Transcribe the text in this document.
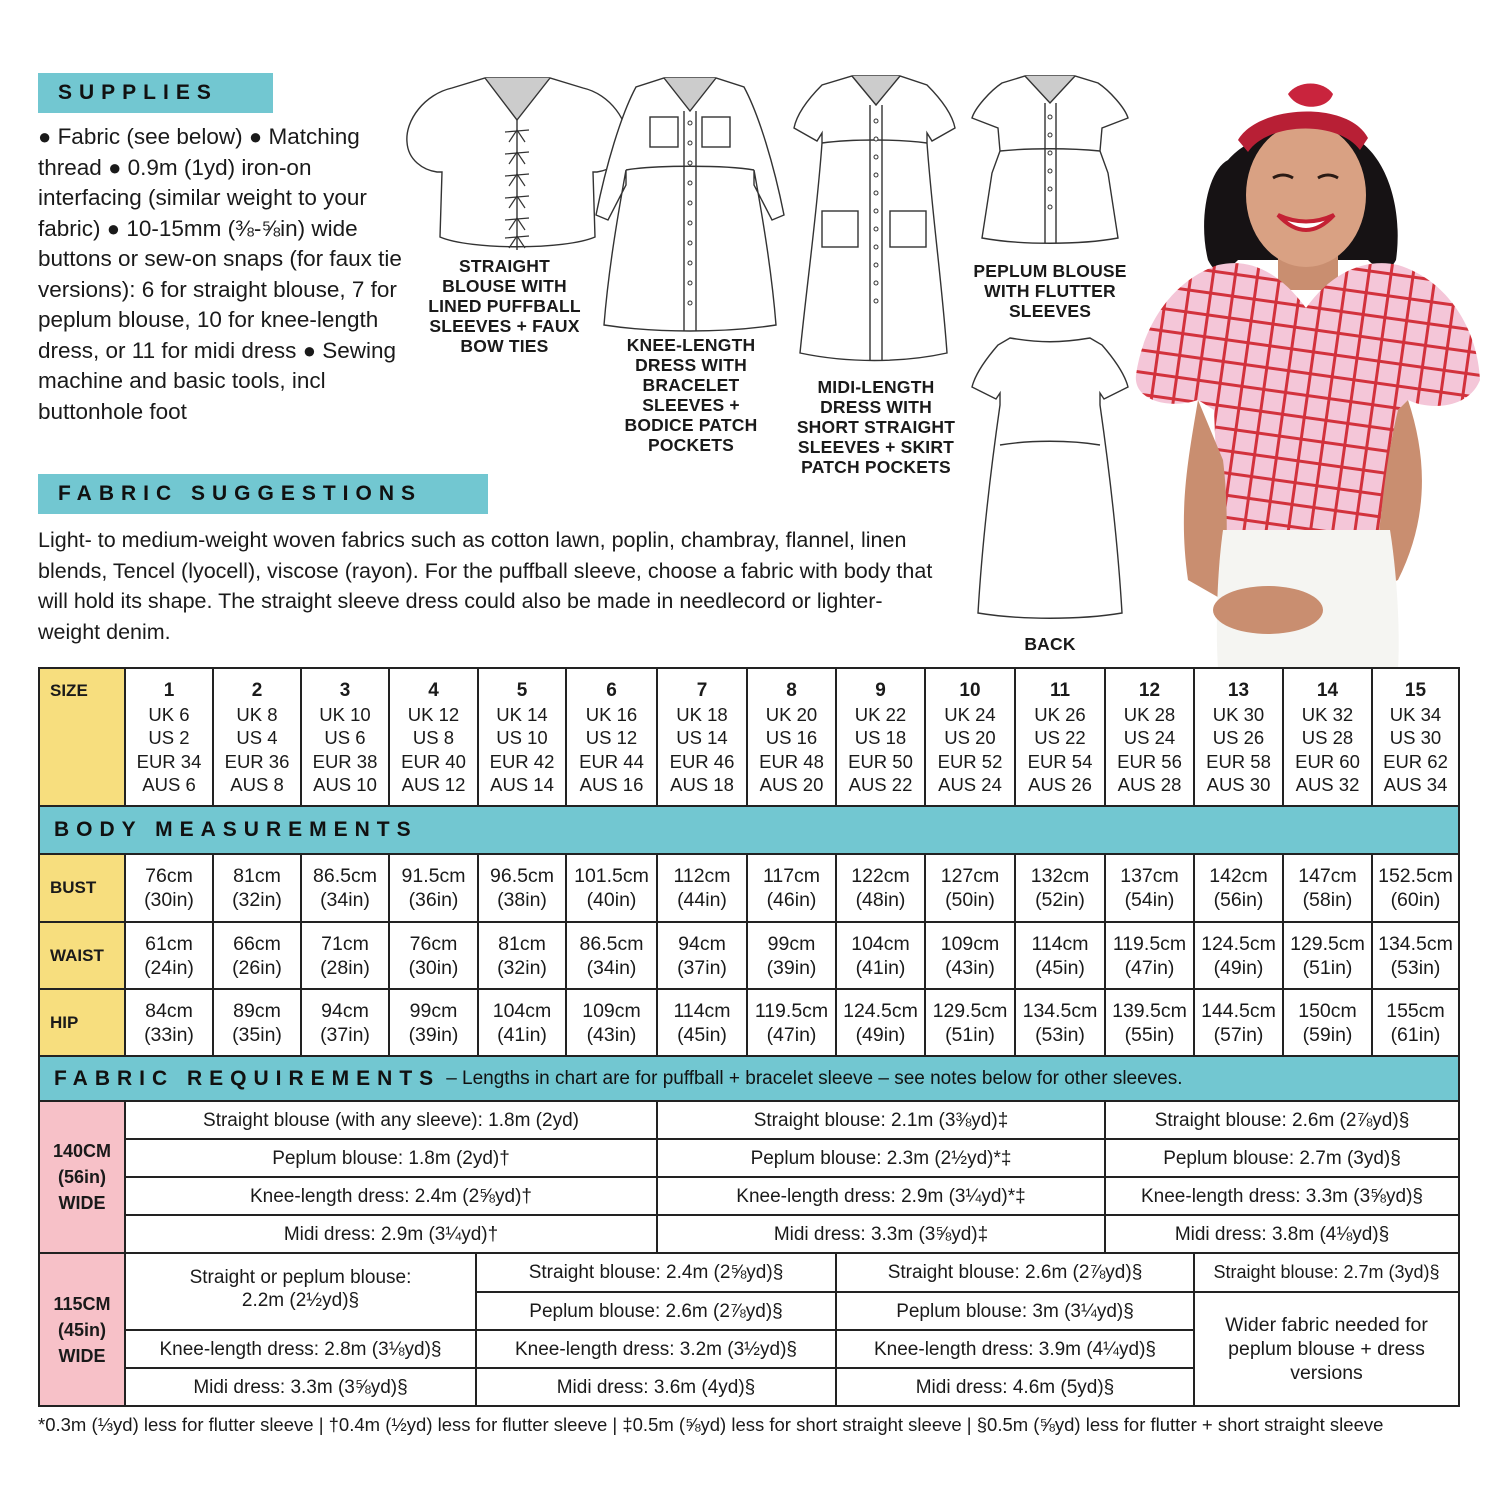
SUPPLIES
● Fabric (see below) ● Matching thread ● 0.9m (1yd) iron-on interfacing (similar weight to your fabric) ● 10-15mm (⅜-⅝in) wide buttons or sew-on snaps (for faux tie versions): 6 for straight blouse, 7 for peplum blouse, 10 for knee-length dress, or 11 for midi dress ● Sewing machine and basic tools, incl buttonhole foot
FABRIC SUGGESTIONS
Light- to medium-weight woven fabrics such as cotton lawn, poplin, chambray, flannel, linen blends, Tencel (lyocell), viscose (rayon). For the puffball sleeve, choose a fabric with body that will hold its shape. The straight sleeve dress could also be made in needlecord or lighter-weight denim.
STRAIGHT
BLOUSE WITH
LINED PUFFBALL
SLEEVES + FAUX
BOW TIES	KNEE-LENGTH
DRESS WITH
BRACELET
SLEEVES +
BODICE PATCH
POCKETS
MIDI-LENGTH
DRESS WITH
SHORT STRAIGHT
SLEEVES + SKIRT
PATCH POCKETS
PEPLUM BLOUSE
WITH FLUTTER
SLEEVES
BACK
SIZE	1
UK 6
US 2
EUR 34
AUS 6
2
UK 8
US 4
EUR 36
AUS 8
3
UK 10
US 6
EUR 38
AUS 10
4
UK 12
US 8
EUR 40
AUS 12
5
UK 14
US 10
EUR 42
AUS 14
6
UK 16
US 12
EUR 44
AUS 16
7
UK 18
US 14
EUR 46
AUS 18
8
UK 20
US 16
EUR 48
AUS 20
9
UK 22
US 18
EUR 50
AUS 22
10
UK 24
US 20
EUR 52
AUS 24
11
UK 26
US 22
EUR 54
AUS 26
12
UK 28
US 24
EUR 56
AUS 28
13
UK 30
US 26
EUR 58
AUS 30
14
UK 32
US 28
EUR 60
AUS 32
15
UK 34
US 30
EUR 62
AUS 34
BODY MEASUREMENTS
BUST
76cm
(30in)
81cm
(32in)
86.5cm
(34in)
91.5cm
(36in)
96.5cm
(38in)
101.5cm
(40in)
112cm
(44in)
117cm
(46in)
122cm
(48in)
127cm
(50in)
132cm
(52in)
137cm
(54in)
142cm
(56in)
147cm
(58in)
152.5cm
(60in)
WAIST
61cm
(24in)
66cm
(26in)
71cm
(28in)
76cm
(30in)
81cm
(32in)
86.5cm
(34in)
94cm
(37in)
99cm
(39in)
104cm
(41in)
109cm
(43in)
114cm
(45in)
119.5cm
(47in)
124.5cm
(49in)
129.5cm
(51in)
134.5cm
(53in)
HIP
84cm
(33in)
89cm
(35in)
94cm
(37in)
99cm
(39in)
104cm
(41in)
109cm
(43in)
114cm
(45in)
119.5cm
(47in)
124.5cm
(49in)
129.5cm
(51in)
134.5cm
(53in)
139.5cm
(55in)
144.5cm
(57in)
150cm
(59in)
155cm
(61in)
FABRIC REQUIREMENTS – Lengths in chart are for puffball + bracelet sleeve – see notes below for other sleeves.
140CM
(56in)
WIDE
Straight blouse (with any sleeve): 1.8m (2yd)
Peplum blouse: 1.8m (2yd)†
Knee-length dress: 2.4m (2⅝yd)†
Midi dress: 2.9m (3¼yd)†
Straight blouse: 2.1m (3⅜yd)‡
Peplum blouse: 2.3m (2½yd)*‡
Knee-length dress: 2.9m (3¼yd)*‡
Midi dress: 3.3m (3⅝yd)‡
Straight blouse: 2.6m (2⅞yd)§
Peplum blouse: 2.7m (3yd)§
Knee-length dress: 3.3m (3⅝yd)§
Midi dress: 3.8m (4⅛yd)§
115CM
(45in)
WIDE
Straight or peplum blouse:
2.2m (2½yd)§
Knee-length dress: 2.8m (3⅛yd)§
Midi dress: 3.3m (3⅝yd)§
Straight blouse: 2.4m (2⅝yd)§
Peplum blouse: 2.6m (2⅞yd)§
Knee-length dress: 3.2m (3½yd)§
Midi dress: 3.6m (4yd)§
Straight blouse: 2.6m (2⅞yd)§
Peplum blouse: 3m (3¼yd)§
Knee-length dress: 3.9m (4¼yd)§
Midi dress: 4.6m (5yd)§
Straight blouse: 2.7m (3yd)§
Wider fabric needed for
peplum blouse + dress
versions
*0.3m (⅓yd) less for flutter sleeve | †0.4m (½yd) less for flutter sleeve | ‡0.5m (⅝yd) less for short straight sleeve | §0.5m (⅝yd) less for flutter + short straight sleeve
